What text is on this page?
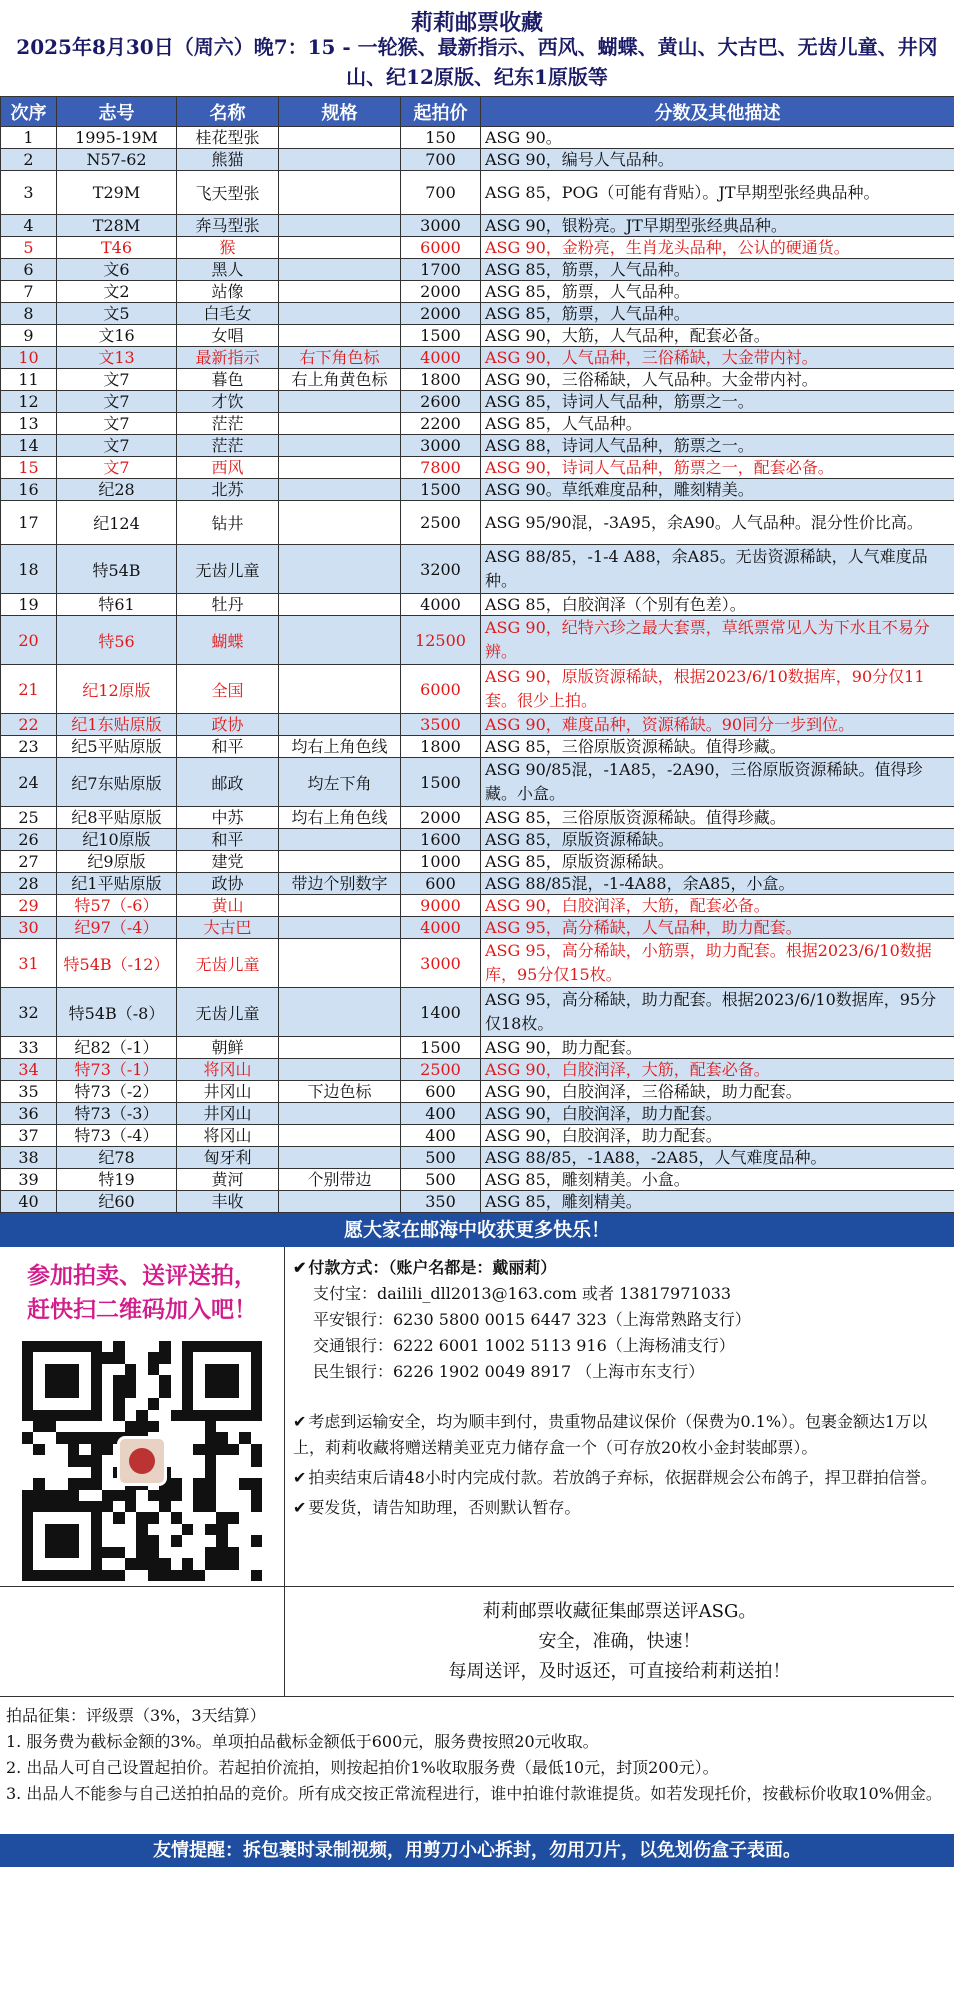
莉莉邮票收藏
2025年8月30日（周六）晚7：15 - 一轮猴、最新指示、西风、蝴蝶、黄山、大古巴、无齿儿童、井冈山、纪12原版、纪东1原版等
次序	志号	名称	规格	起拍价	分数及其他描述
1	1995-19M	桂花型张		150	ASG 90。
2	N57-62	熊猫		700	ASG 90，编号人气品种。
3	T29M	飞天型张		700	ASG 85，POG（可能有背贴）。JT早期型张经典品种。
4	T28M	奔马型张		3000	ASG 90，银粉亮。JT早期型张经典品种。
5	T46	猴		6000	ASG 90，金粉亮，生肖龙头品种，公认的硬通货。
6	文6	黑人		1700	ASG 85，筋票，人气品种。
7	文2	站像		2000	ASG 85，筋票，人气品种。
8	文5	白毛女		2000	ASG 85，筋票，人气品种。
9	文16	女唱		1500	ASG 90，大筋，人气品种，配套必备。
10	文13	最新指示	右下角色标	4000	ASG 90，人气品种，三俗稀缺，大金带内衬。
11	文7	暮色	右上角黄色标	1800	ASG 90，三俗稀缺，人气品种。大金带内衬。
12	文7	才饮		2600	ASG 85，诗词人气品种，筋票之一。
13	文7	茫茫		2200	ASG 85，人气品种。
14	文7	茫茫		3000	ASG 88，诗词人气品种，筋票之一。
15	文7	西风		7800	ASG 90，诗词人气品种，筋票之一，配套必备。
16	纪28	北苏		1500	ASG 90。草纸难度品种，雕刻精美。
17	纪124	钻井		2500	ASG 95/90混，-3A95，余A90。人气品种。混分性价比高。
18	特54B	无齿儿童		3200	ASG 88/85，-1-4 A88，余A85。无齿资源稀缺，人气难度品种。
19	特61	牡丹		4000	ASG 85，白胶润泽（个别有色差）。
20	特56	蝴蝶		12500	ASG 90，纪特六珍之最大套票，草纸票常见人为下水且不易分辨。
21	纪12原版	全国		6000	ASG 90，原版资源稀缺，根据2023/6/10数据库，90分仅11套。很少上拍。
22	纪1东贴原版	政协		3500	ASG 90，难度品种，资源稀缺。90同分一步到位。
23	纪5平贴原版	和平	均右上角色线	1800	ASG 85，三俗原版资源稀缺。值得珍藏。
24	纪7东贴原版	邮政	均左下角	1500	ASG 90/85混，-1A85，-2A90，三俗原版资源稀缺。值得珍藏。小盒。
25	纪8平贴原版	中苏	均右上角色线	2000	ASG 85，三俗原版资源稀缺。值得珍藏。
26	纪10原版	和平		1600	ASG 85，原版资源稀缺。
27	纪9原版	建党		1000	ASG 85，原版资源稀缺。
28	纪1平贴原版	政协	带边个别数字	600	ASG 88/85混，-1-4A88，余A85，小盒。
29	特57（-6）	黄山		9000	ASG 90，白胶润泽，大筋，配套必备。
30	纪97（-4）	大古巴		4000	ASG 95，高分稀缺，人气品种，助力配套。
31	特54B（-12）	无齿儿童		3000	ASG 95，高分稀缺，小筋票，助力配套。根据2023/6/10数据库，95分仅15枚。
32	特54B（-8）	无齿儿童		1400	ASG 95，高分稀缺，助力配套。根据2023/6/10数据库，95分仅18枚。
33	纪82（-1）	朝鲜		1500	ASG 90，助力配套。
34	特73（-1）	将冈山		2500	ASG 90，白胶润泽，大筋，配套必备。
35	特73（-2）	井冈山	下边色标	600	ASG 90，白胶润泽，三俗稀缺，助力配套。
36	特73（-3）	井冈山		400	ASG 90，白胶润泽，助力配套。
37	特73（-4）	将冈山		400	ASG 90，白胶润泽，助力配套。
38	纪78	匈牙利		500	ASG 88/85，-1A88，-2A85，人气难度品种。
39	特19	黄河	个别带边	500	ASG 85，雕刻精美。小盒。
40	纪60	丰收		350	ASG 85，雕刻精美。
愿大家在邮海中收获更多快乐！
参加拍卖、送评送拍，
赶快扫二维码加入吧！
✔ 付款方式：（账户名都是：戴丽莉）
支付宝：dailili_dll2013@163.com 或者 13817971033
平安银行：6230 5800 0015 6447 323（上海常熟路支行）
交通银行：6222 6001 1002 5113 916（上海杨浦支行）
民生银行：6226 1902 0049 8917 （上海市东支行）
✔ 考虑到运输安全，均为顺丰到付，贵重物品建议保价（保费为0.1%）。包裹金额达1万以上，莉莉收藏将赠送精美亚克力储存盒一个（可存放20枚小金封装邮票）。
✔ 拍卖结束后请48小时内完成付款。若放鸽子弃标，依据群规会公布鸽子，捍卫群拍信誉。
✔ 要发货，请告知助理，否则默认暂存。
莉莉邮票收藏征集邮票送评ASG。
安全，准确，快速！
每周送评，及时返还，可直接给莉莉送拍！
拍品征集：评级票（3%，3天结算）
1. 服务费为截标金额的3%。单项拍品截标金额低于600元，服务费按照20元收取。
2. 出品人可自己设置起拍价。若起拍价流拍，则按起拍价1%收取服务费（最低10元，封顶200元）。
3. 出品人不能参与自己送拍拍品的竞价。所有成交按正常流程进行，谁中拍谁付款谁提货。如若发现托价，按截标价收取10%佣金。
友情提醒：拆包裹时录制视频，用剪刀小心拆封，勿用刀片，以免划伤盒子表面。
